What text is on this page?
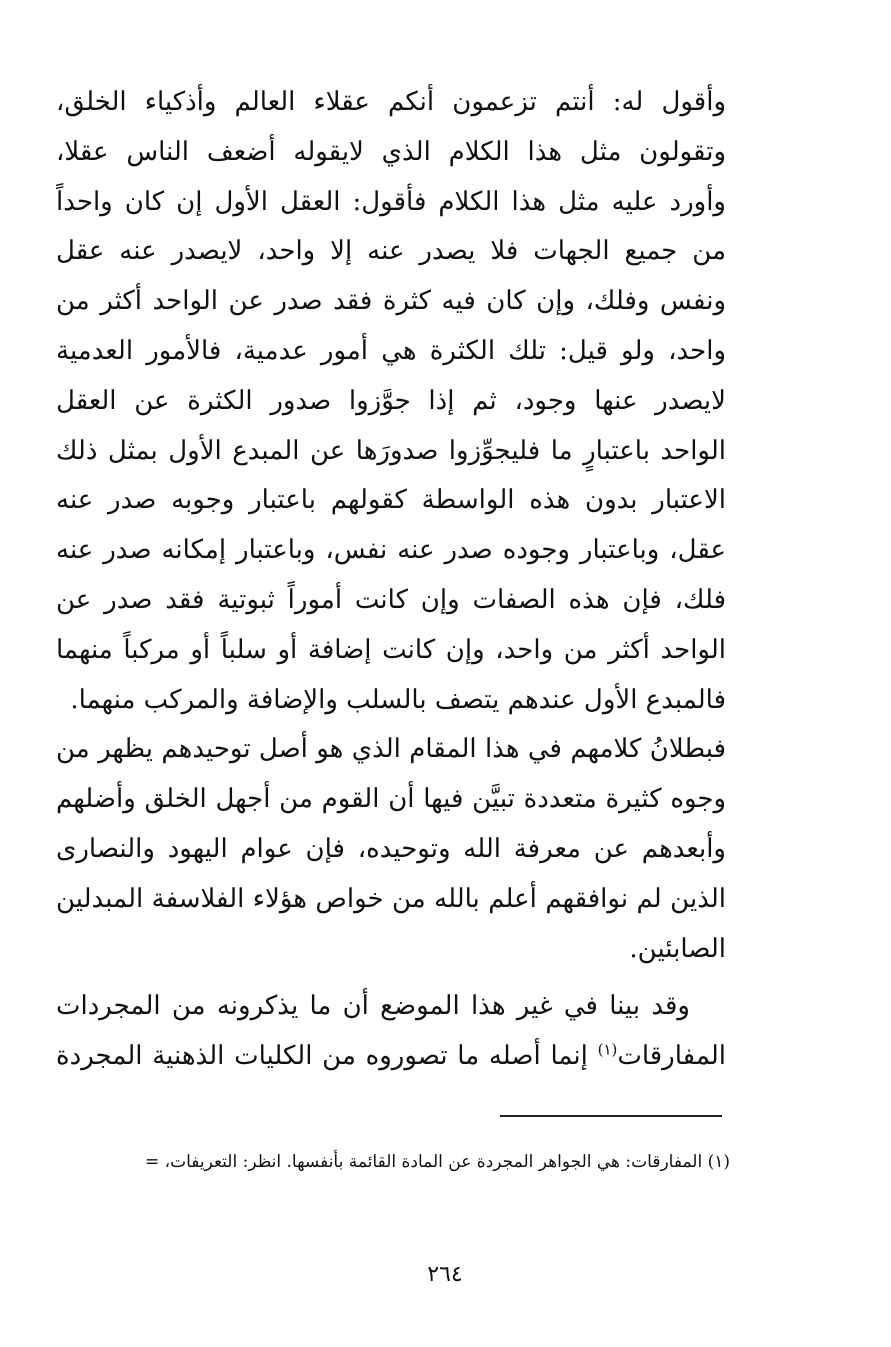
وأقول له: أنتم تزعمون أنكم عقلاء العالم وأذكياء الخلق،
وتقولون مثل هذا الكلام الذي لايقوله أضعف الناس عقلا،
وأورد عليه مثل هذا الكلام فأقول: العقل الأول إن كان واحداً
من جميع الجهات فلا يصدر عنه إلا واحد، لايصدر عنه عقل
ونفس وفلك، وإن كان فيه كثرة فقد صدر عن الواحد أكثر من
واحد، ولو قيل: تلك الكثرة هي أمور عدمية، فالأمور العدمية
لايصدر عنها وجود، ثم إذا جوَّزوا صدور الكثرة عن العقل
الواحد باعتبارٍ ما فليجوِّزوا صدورَها عن المبدع الأول بمثل ذلك
الاعتبار بدون هذه الواسطة كقولهم باعتبار وجوبه صدر عنه
عقل، وباعتبار وجوده صدر عنه نفس، وباعتبار إمكانه صدر عنه
فلك، فإن هذه الصفات وإن كانت أموراً ثبوتية فقد صدر عن
الواحد أكثر من واحد، وإن كانت إضافة أو سلباً أو مركباً منهما
فالمبدع الأول عندهم يتصف بالسلب والإضافة والمركب منهما.
فبطلانُ كلامهم في هذا المقام الذي هو أصل توحيدهم يظهر من
وجوه كثيرة متعددة تبيَّن فيها أن القوم من أجهل الخلق وأضلهم
وأبعدهم عن معرفة الله وتوحيده، فإن عوام اليهود والنصارى
الذين لم نوافقهم أعلم بالله من خواص هؤلاء الفلاسفة المبدلين
الصابئين.
وقد بينا في غير هذا الموضع أن ما يذكرونه من المجردات
المفارقات$^{(١)}$ إنما أصله ما تصوروه من الكليات الذهنية المجردة
(١) المفارقات: هي الجواهر المجردة عن المادة القائمة بأنفسها. انظر: التعريفات، =
٢٦٤
